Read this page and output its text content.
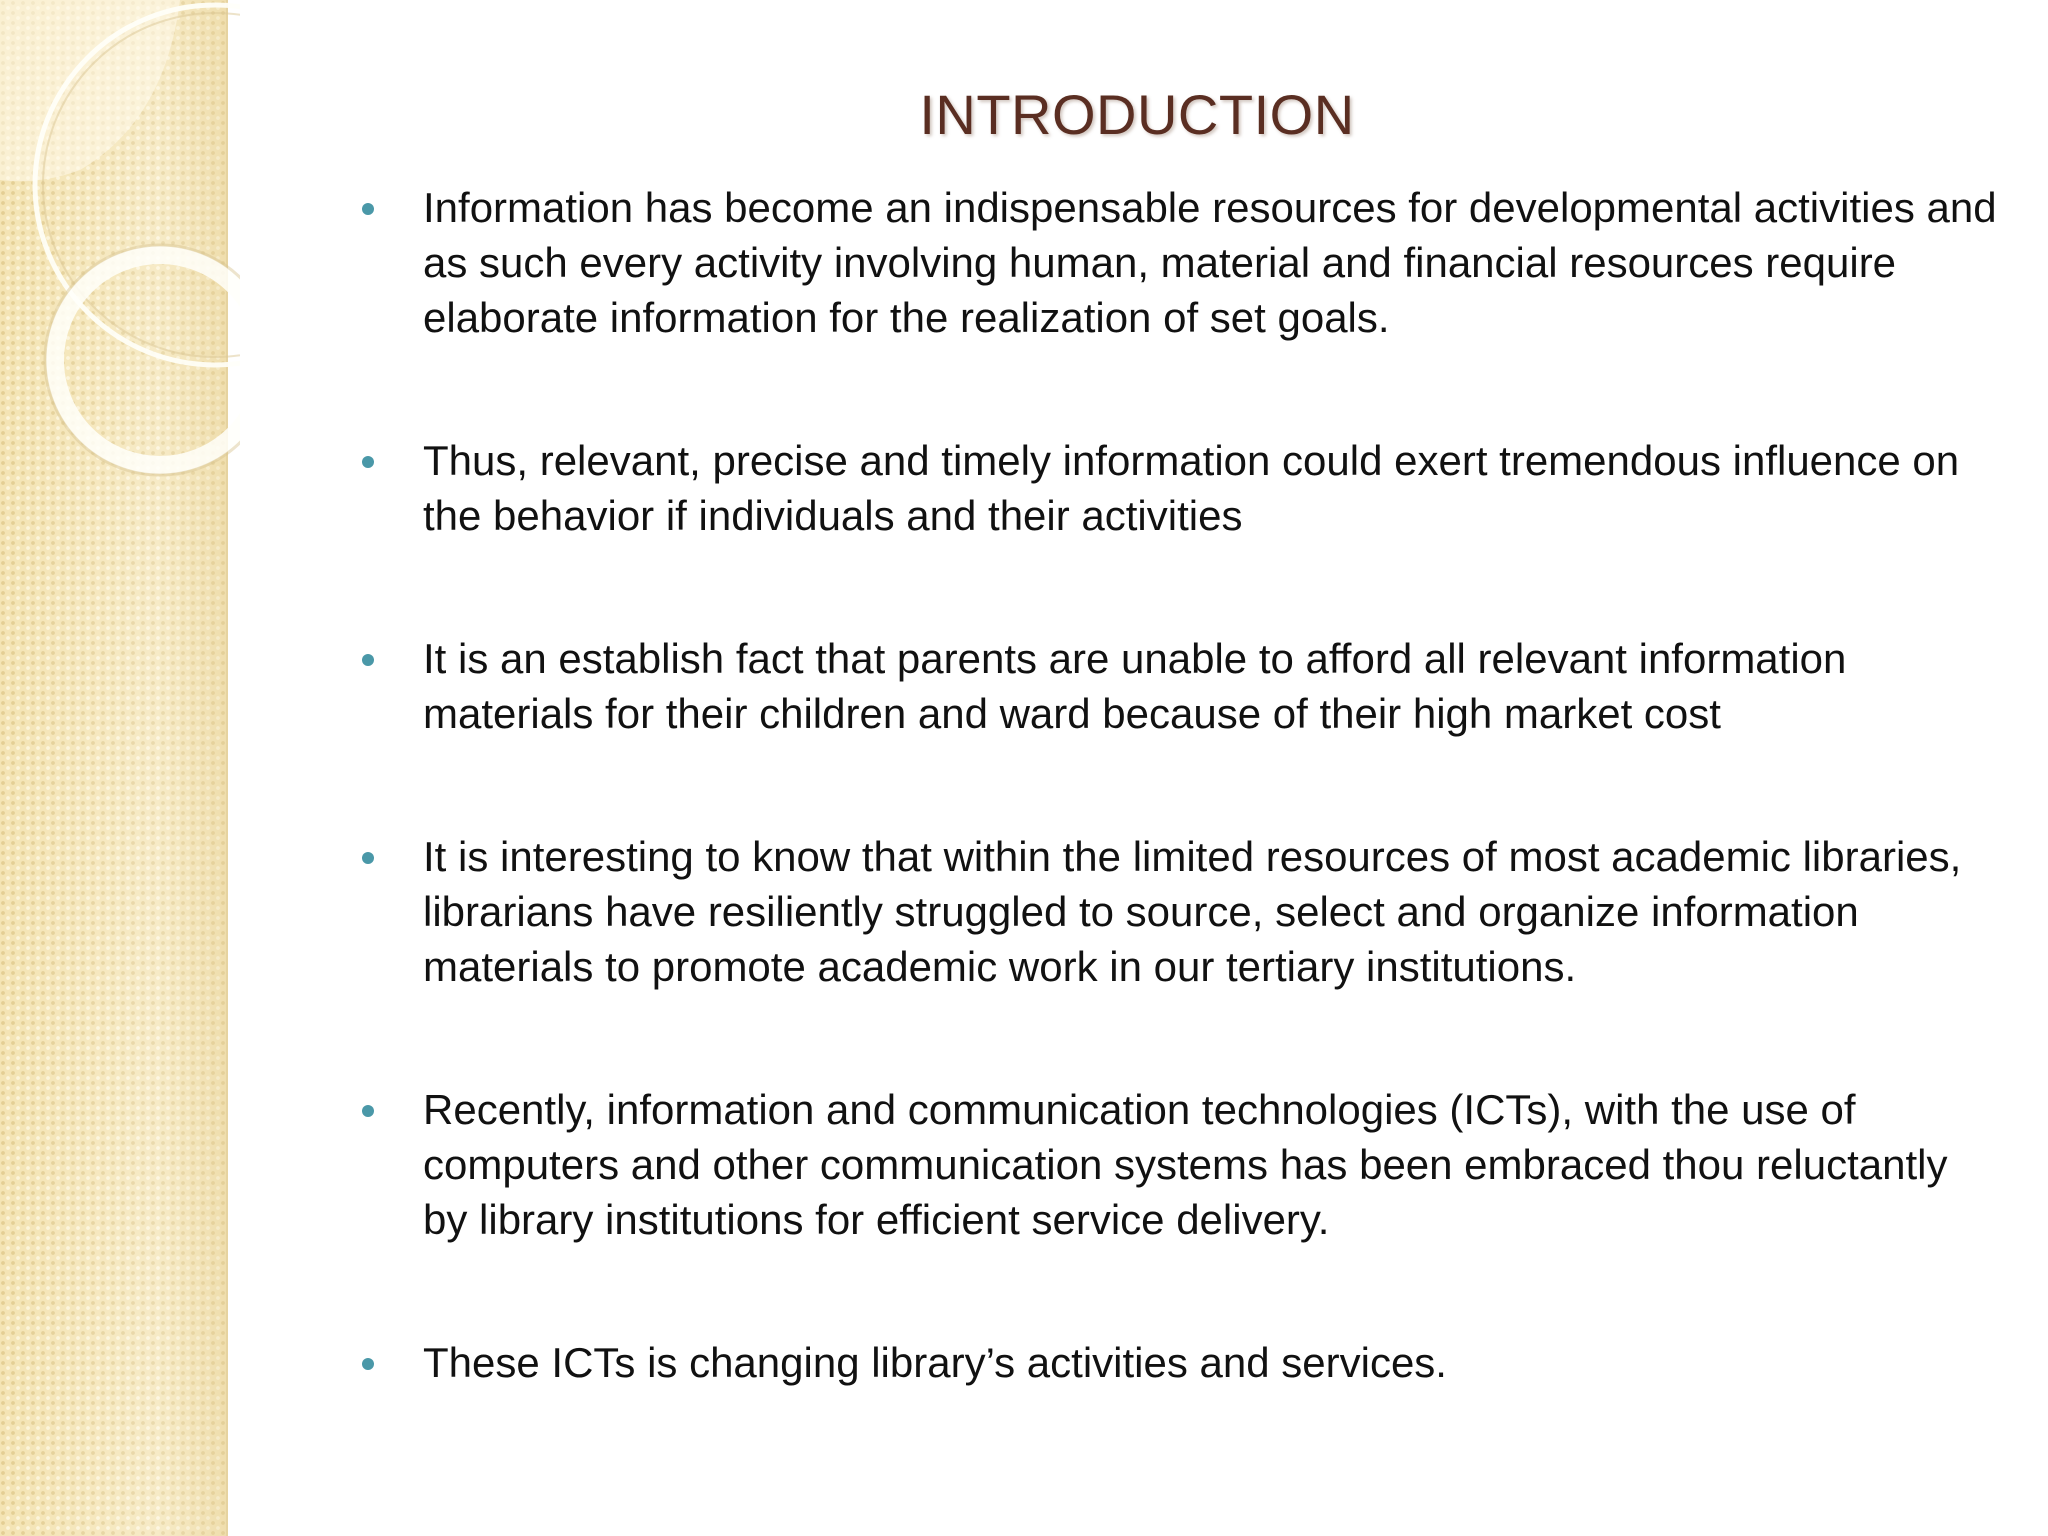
INTRODUCTION
Information has become an indispensable resources for developmental activities and as such every activity involving human, material and financial resources require elaborate information for the realization of set goals.
Thus, relevant, precise and timely information could exert tremendous influence on the behavior if individuals and their activities
It is an establish fact that parents are unable to afford all relevant information materials for their children and ward because of their high market cost
It is interesting to know that within the limited resources of most academic libraries, librarians have resiliently struggled to source, select and organize information materials to promote academic work in our tertiary institutions.
Recently, information and communication technologies (ICTs), with the use of computers and other communication systems has been embraced thou reluctantly by library institutions for efficient service delivery.
These ICTs is changing library’s activities and services.
